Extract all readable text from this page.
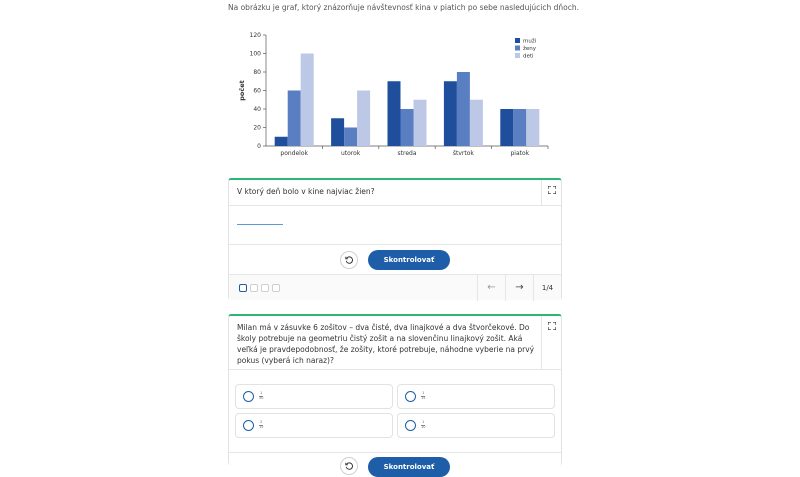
Na obrázku je graf, ktorý znázorňuje návštevnosť kina v piatich po sebe nasledujúcich dňoch.
0
20
40
60
80
100
120
počet
pondelok	utorok	streda	štvrtok	piatok
muži
ženy
deti
V ktorý deň bolo v kine najviac žien?
Skontrolovať
← →	1/4
Milan má v zásuvke 6 zošitov – dva čisté, dva linajkové a dva štvorčekové. Do školy potrebuje na geometriu čistý zošit a na slovenčinu linajkový zošit. Aká veľká je pravdepodobnosť, že zošity, ktoré potrebuje, náhodne vyberie na prvý pokus (vyberá ich naraz)?
$\frac{1}{30}$	$\frac{1}{15}$
$\frac{2}{15}$	$\frac{1}{10}$
Skontrolovať
